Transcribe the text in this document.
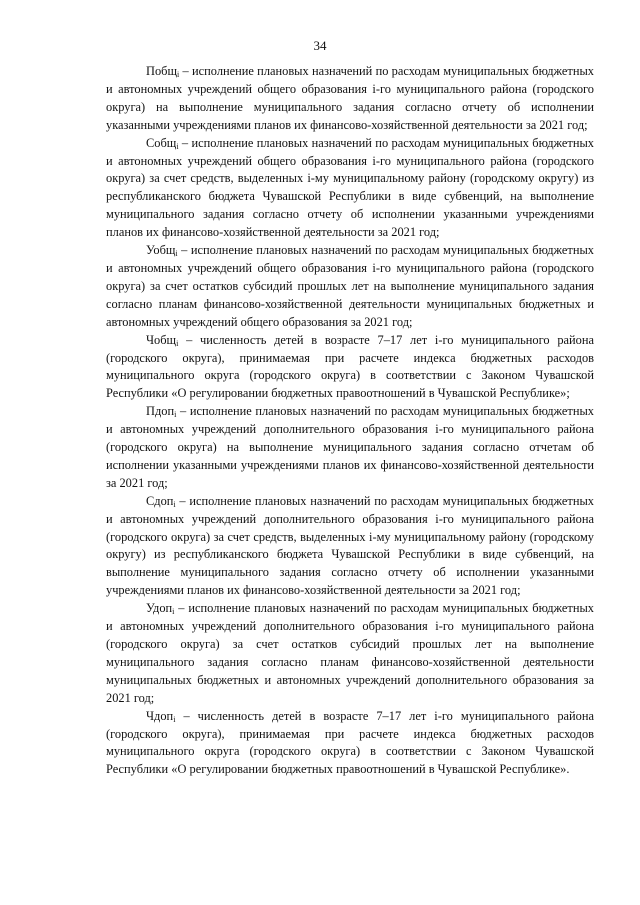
34

Побщ$_i$ – исполнение плановых назначений по расходам муниципальных бюджетных и автономных учреждений общего образования i-го муниципального района (городского округа) на выполнение муниципального задания согласно отчету об исполнении указанными учреждениями планов их финансово-хозяйственной деятельности за 2021 год;

Собщ$_i$ – исполнение плановых назначений по расходам муниципальных бюджетных и автономных учреждений общего образования i-го муниципального района (городского округа) за счет средств, выделенных i-му муниципальному району (городскому округу) из республиканского бюджета Чувашской Республики в виде субвенций, на выполнение муниципального задания согласно отчету об исполнении указанными учреждениями планов их финансово-хозяйственной деятельности за 2021 год;

Уобщ$_i$ – исполнение плановых назначений по расходам муниципальных бюджетных и автономных учреждений общего образования i-го муниципального района (городского округа) за счет остатков субсидий прошлых лет на выполнение муниципального задания согласно планам финансово-хозяйственной деятельности муниципальных бюджетных и автономных учреждений общего образования за 2021 год;

Чобщ$_i$ – численность детей в возрасте 7–17 лет i-го муниципального района (городского округа), принимаемая при расчете индекса бюджетных расходов муниципального округа (городского округа) в соответствии с Законом Чувашской Республики «О регулировании бюджетных правоотношений в Чувашской Республике»;

Пдоп$_i$ – исполнение плановых назначений по расходам муниципальных бюджетных и автономных учреждений дополнительного образования i-го муниципального района (городского округа) на выполнение муниципального задания согласно отчетам об исполнении указанными учреждениями планов их финансово-хозяйственной деятельности за 2021 год;

Сдоп$_i$ – исполнение плановых назначений по расходам муниципальных бюджетных и автономных учреждений дополнительного образования i-го муниципального района (городского округа) за счет средств, выделенных i-му муниципальному району (городскому округу) из республиканского бюджета Чувашской Республики в виде субвенций, на выполнение муниципального задания согласно отчету об исполнении указанными учреждениями планов их финансово-хозяйственной деятельности за 2021 год;

Удоп$_i$ – исполнение плановых назначений по расходам муниципальных бюджетных и автономных учреждений дополнительного образования i-го муниципального района (городского округа) за счет остатков субсидий прошлых лет на выполнение муниципального задания согласно планам финансово-хозяйственной деятельности муниципальных бюджетных и автономных учреждений дополнительного образования за 2021 год;

Чдоп$_i$ – численность детей в возрасте 7–17 лет i-го муниципального района (городского округа), принимаемая при расчете индекса бюджетных расходов муниципального округа (городского округа) в соответствии с Законом Чувашской Республики «О регулировании бюджетных правоотношений в Чувашской Республике».
